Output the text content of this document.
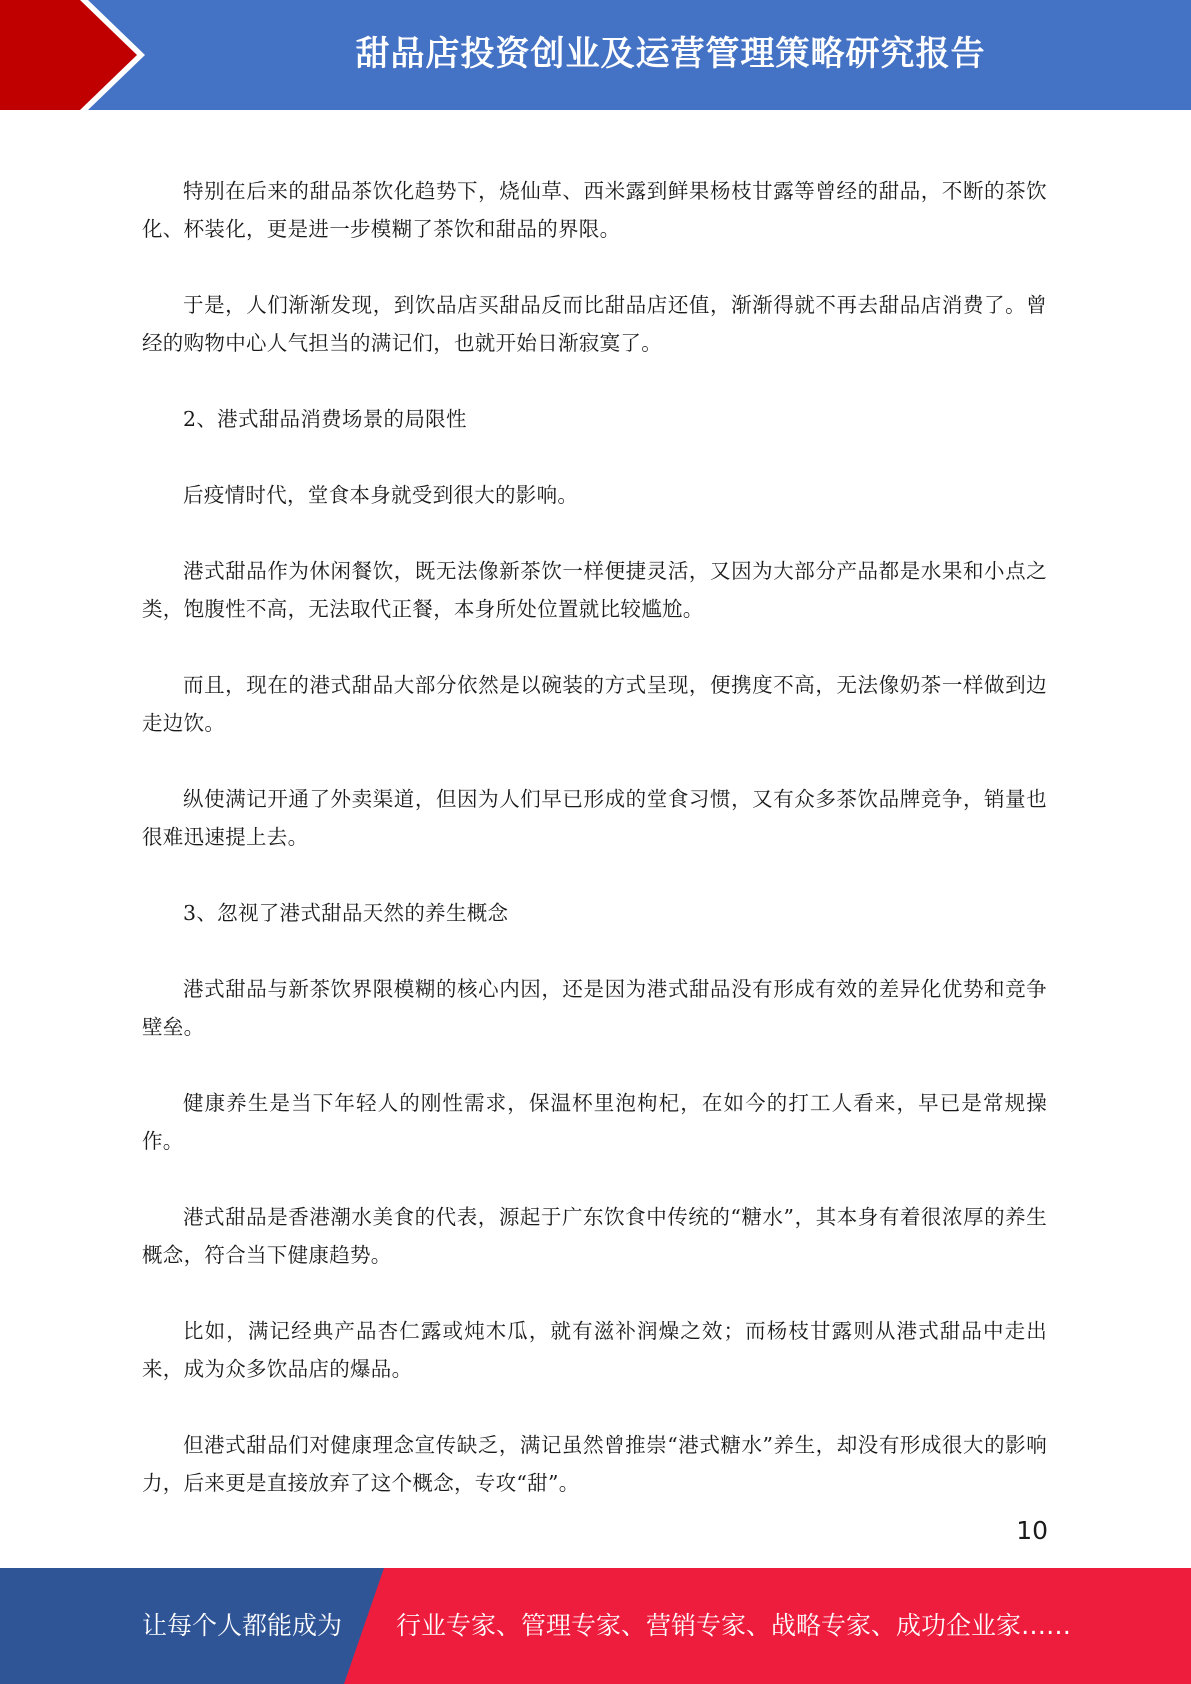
甜品店投资创业及运营管理策略研究报告

特别在后来的甜品茶饮化趋势下，烧仙草、西米露到鲜果杨枝甘露等曾经的甜品，不断的茶饮化、杯装化，更是进一步模糊了茶饮和甜品的界限。

于是，人们渐渐发现，到饮品店买甜品反而比甜品店还值，渐渐得就不再去甜品店消费了。曾经的购物中心人气担当的满记们，也就开始日渐寂寞了。

2、港式甜品消费场景的局限性

后疫情时代，堂食本身就受到很大的影响。

港式甜品作为休闲餐饮，既无法像新茶饮一样便捷灵活，又因为大部分产品都是水果和小点之类，饱腹性不高，无法取代正餐，本身所处位置就比较尴尬。

而且，现在的港式甜品大部分依然是以碗装的方式呈现，便携度不高，无法像奶茶一样做到边走边饮。

纵使满记开通了外卖渠道，但因为人们早已形成的堂食习惯，又有众多茶饮品牌竞争，销量也很难迅速提上去。

3、忽视了港式甜品天然的养生概念

港式甜品与新茶饮界限模糊的核心内因，还是因为港式甜品没有形成有效的差异化优势和竞争壁垒。

健康养生是当下年轻人的刚性需求，保温杯里泡枸杞，在如今的打工人看来，早已是常规操作。

港式甜品是香港潮水美食的代表，源起于广东饮食中传统的“糖水”，其本身有着很浓厚的养生概念，符合当下健康趋势。

比如，满记经典产品杏仁露或炖木瓜，就有滋补润燥之效；而杨枝甘露则从港式甜品中走出来，成为众多饮品店的爆品。

但港式甜品们对健康理念宣传缺乏，满记虽然曾推崇“港式糖水”养生，却没有形成很大的影响力，后来更是直接放弃了这个概念，专攻“甜”。

10
让每个人都能成为 行业专家、管理专家、营销专家、战略专家、成功企业家……
